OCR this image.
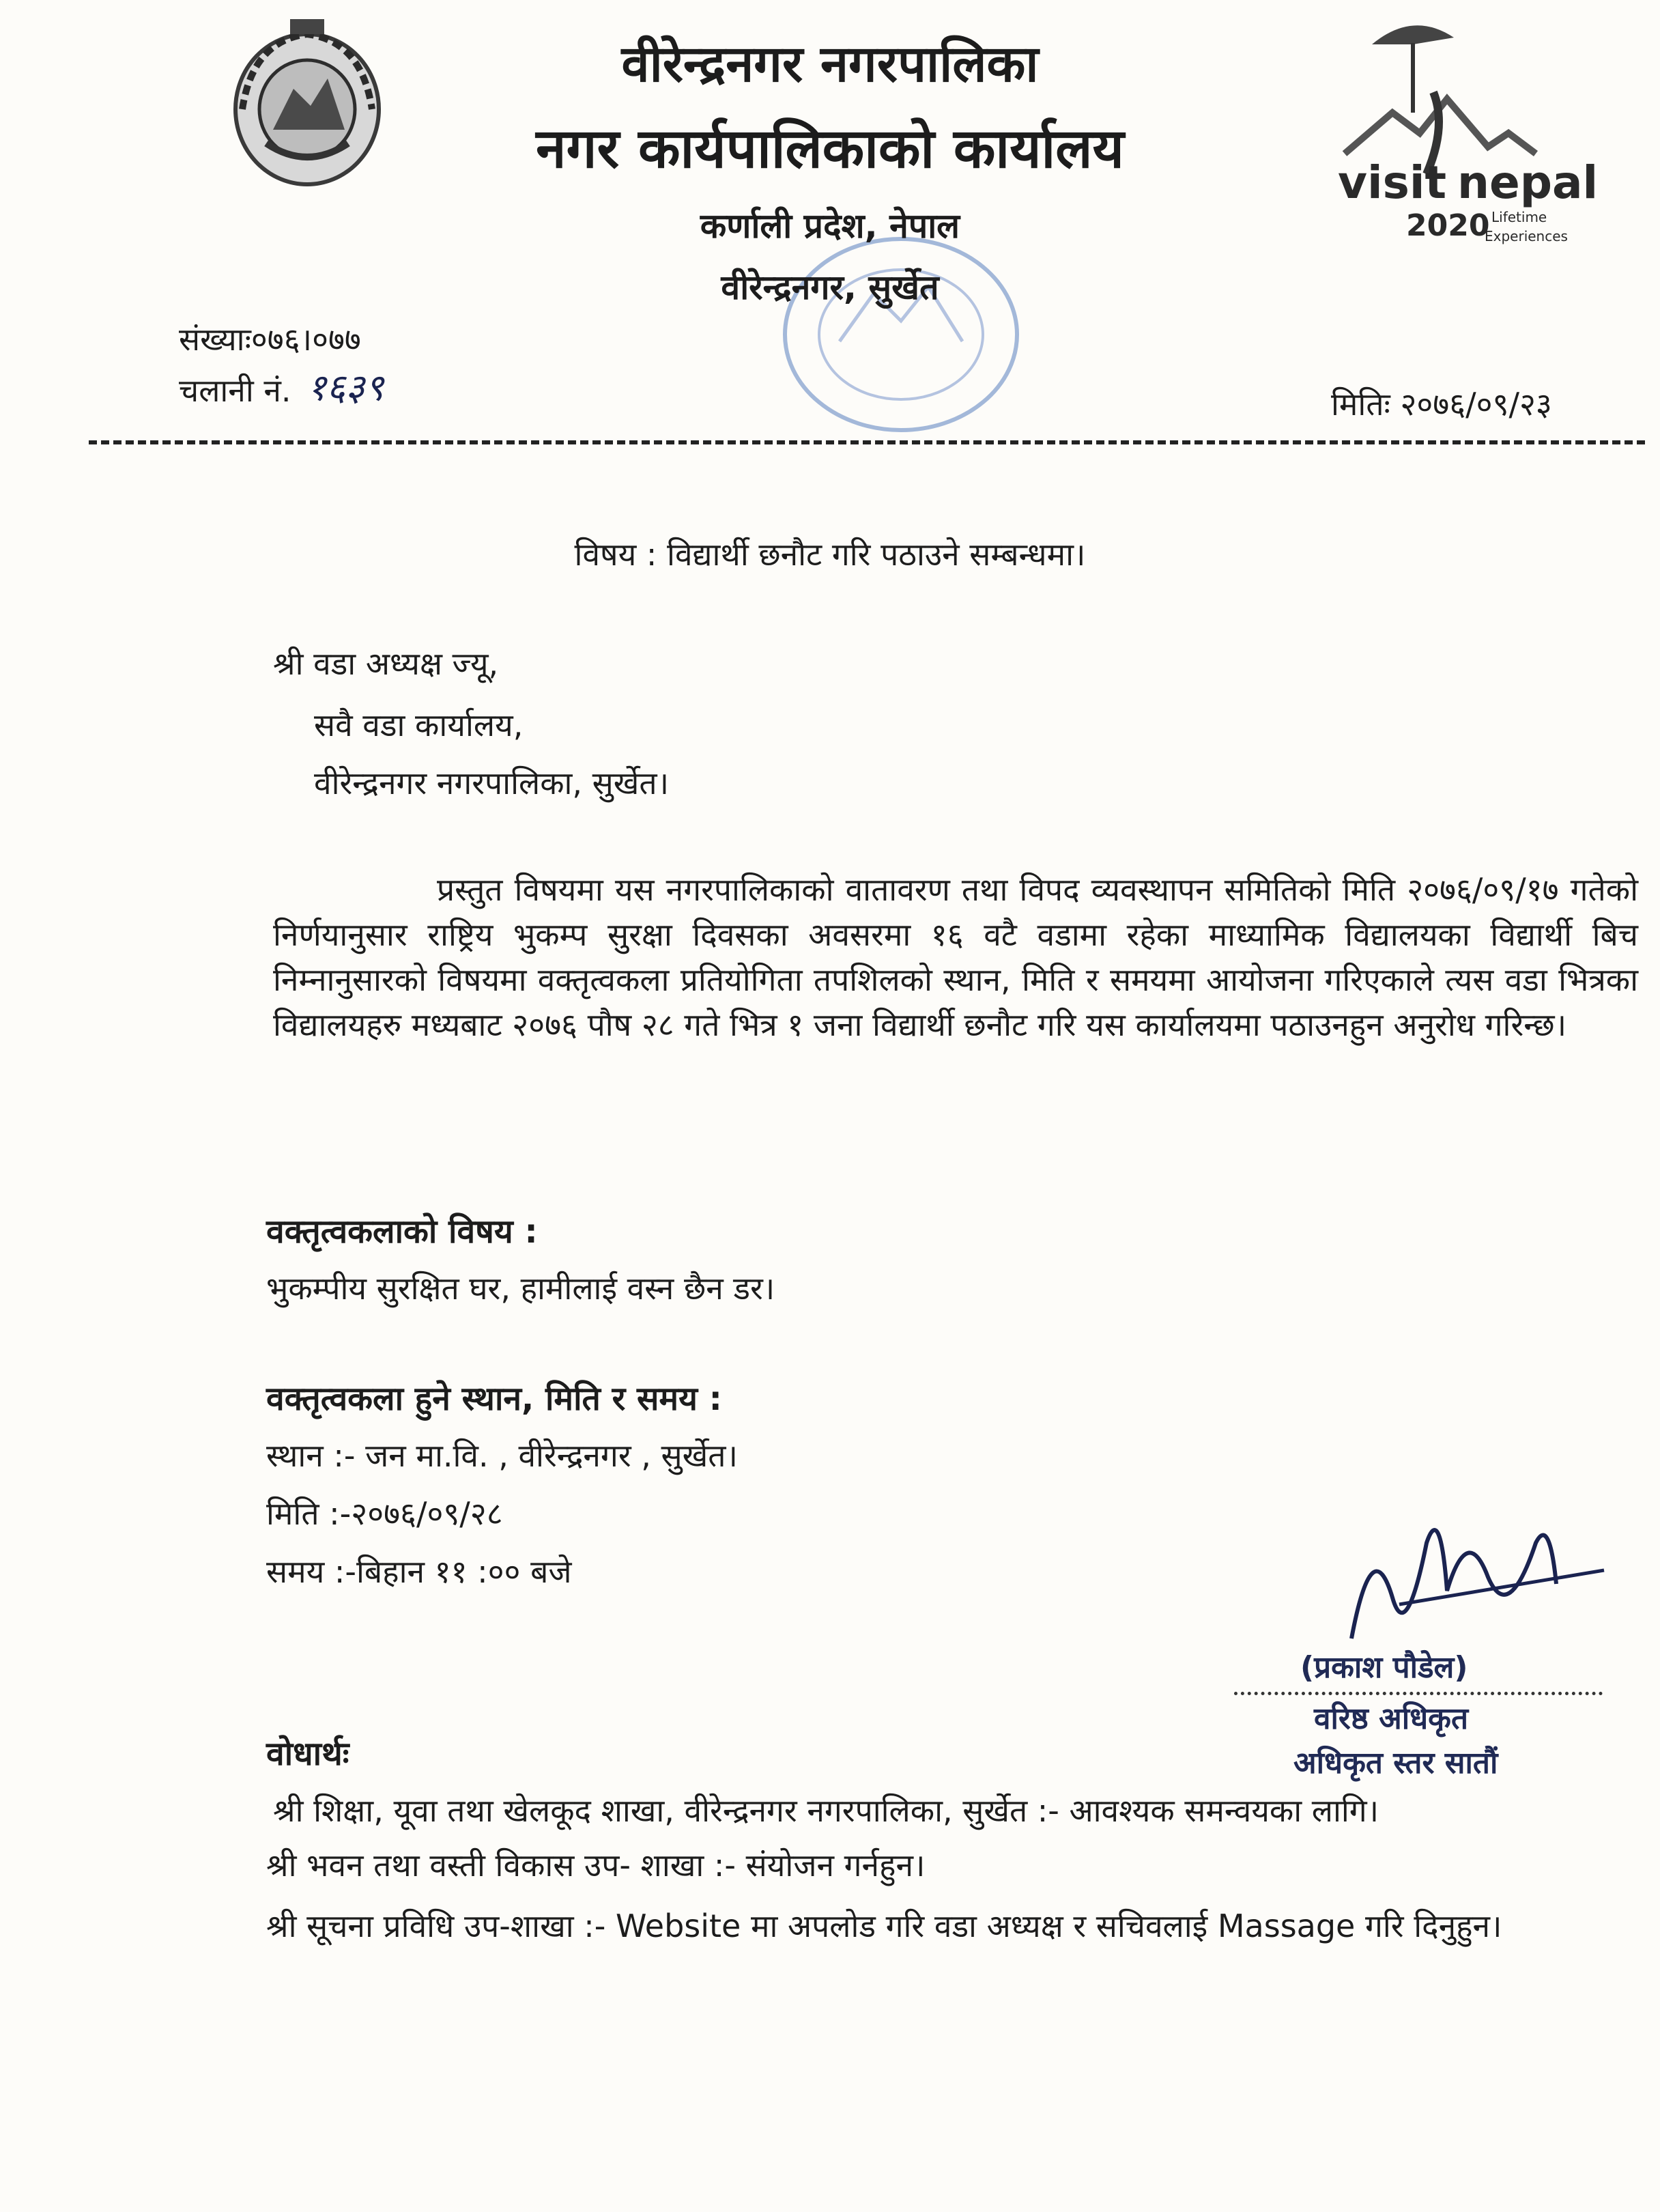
visit nepal
2020 Lifetime
Experiences
वीरेन्द्रनगर नगरपालिका
नगर कार्यपालिकाको कार्यालय
कर्णाली प्रदेश, नेपाल
वीरेन्द्रनगर, सुर्खेत
संख्याः०७६।०७७
चलानी नं. १६३९	मितिः २०७६/०९/२३
विषय : विद्यार्थी छनौट गरि पठाउने सम्बन्धमा।
श्री वडा अध्यक्ष ज्यू,
सवै वडा कार्यालय,
वीरेन्द्रनगर नगरपालिका, सुर्खेत।
प्रस्तुत विषयमा यस नगरपालिकाको वातावरण तथा विपद व्यवस्थापन समितिको मिति २०७६/०९/१७ गतेको निर्णयानुसार राष्ट्रिय भुकम्प सुरक्षा दिवसका अवसरमा १६ वटै वडामा रहेका माध्यामिक विद्यालयका विद्यार्थी बिच निम्नानुसारको विषयमा वक्तृत्वकला प्रतियोगिता तपशिलको स्थान, मिति र समयमा आयोजना गरिएकाले त्यस वडा भित्रका विद्यालयहरु मध्यबाट २०७६ पौष २८ गते भित्र १ जना विद्यार्थी छनौट गरि यस कार्यालयमा पठाउनहुन अनुरोध गरिन्छ।
वक्तृत्वकलाको विषय :
भुकम्पीय सुरक्षित घर, हामीलाई वस्न छैन डर।
वक्तृत्वकला हुने स्थान, मिति र समय :
स्थान :- जन मा.वि. , वीरेन्द्रनगर , सुर्खेत।
मिति :-२०७६/०९/२८
समय :-बिहान ११ :०० बजे
(प्रकाश पौडेल)
वरिष्ठ अधिकृत
अधिकृत स्तर सातौं
वोधार्थः
श्री शिक्षा, यूवा तथा खेलकूद शाखा, वीरेन्द्रनगर नगरपालिका, सुर्खेत :- आवश्यक समन्वयका लागि।
श्री भवन तथा वस्ती विकास उप- शाखा :- संयोजन गर्नहुन।
श्री सूचना प्रविधि उप-शाखा :- Website मा अपलोड गरि वडा अध्यक्ष र सचिवलाई Massage गरि दिनुहुन।
